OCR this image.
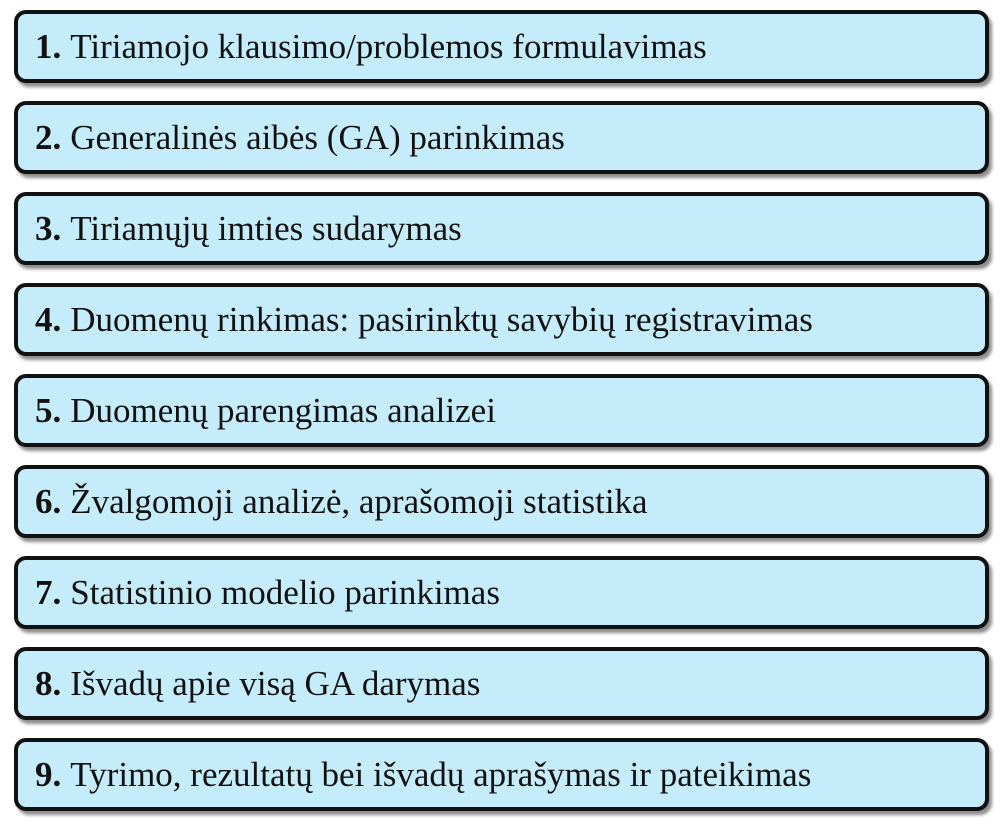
1. Tiriamojo klausimo/problemos formulavimas
2. Generalinės aibės (GA) parinkimas
3. Tiriamųjų imties sudarymas
4. Duomenų rinkimas: pasirinktų savybių registravimas
5. Duomenų parengimas analizei
6. Žvalgomoji analizė, aprašomoji statistika
7. Statistinio modelio parinkimas
8. Išvadų apie visą GA darymas
9. Tyrimo, rezultatų bei išvadų aprašymas ir pateikimas
